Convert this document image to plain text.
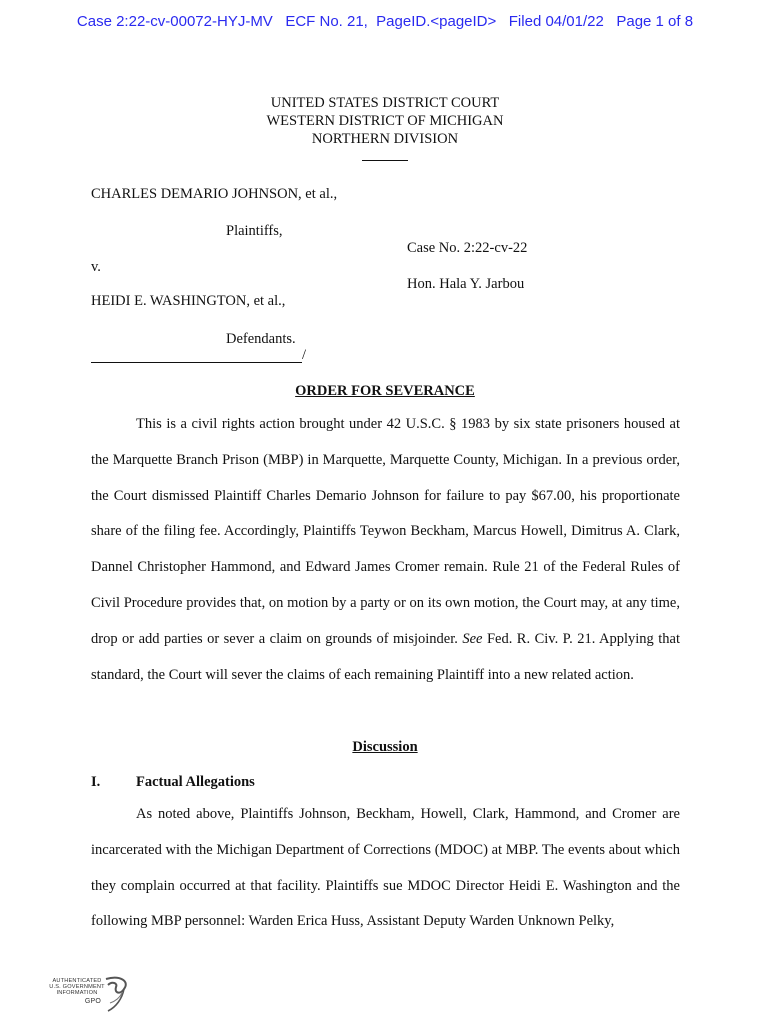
Case 2:22-cv-00072-HYJ-MV   ECF No. 21,  PageID.<pageID>   Filed 04/01/22   Page 1 of 8
UNITED STATES DISTRICT COURT
WESTERN DISTRICT OF MICHIGAN
NORTHERN DIVISION
CHARLES DEMARIO JOHNSON, et al.,
Plaintiffs,
Case No. 2:22-cv-22
v.
Hon. Hala Y. Jarbou
HEIDI E. WASHINGTON, et al.,
Defendants.
/
ORDER FOR SEVERANCE

This is a civil rights action brought under 42 U.S.C. § 1983 by six state prisoners housed at the Marquette Branch Prison (MBP) in Marquette, Marquette County, Michigan. In a previous order, the Court dismissed Plaintiff Charles Demario Johnson for failure to pay $67.00, his proportionate share of the filing fee. Accordingly, Plaintiffs Teywon Beckham, Marcus Howell, Dimitrus A. Clark, Dannel Christopher Hammond, and Edward James Cromer remain. Rule 21 of the Federal Rules of Civil Procedure provides that, on motion by a party or on its own motion, the Court may, at any time, drop or add parties or sever a claim on grounds of misjoinder. See Fed. R. Civ. P. 21. Applying that standard, the Court will sever the claims of each remaining Plaintiff into a new related action.

Discussion
I. Factual Allegations

As noted above, Plaintiffs Johnson, Beckham, Howell, Clark, Hammond, and Cromer are incarcerated with the Michigan Department of Corrections (MDOC) at MBP. The events about which they complain occurred at that facility. Plaintiffs sue MDOC Director Heidi E. Washington and the following MBP personnel: Warden Erica Huss, Assistant Deputy Warden Unknown Pelky,

AUTHENTICATED
U.S. GOVERNMENT
INFORMATION
GPO
